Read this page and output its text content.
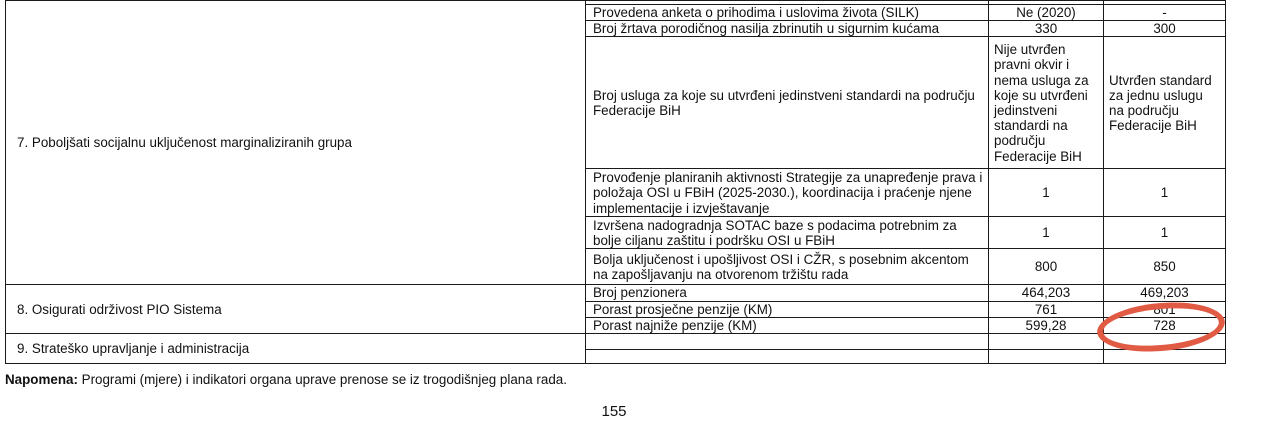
7. Poboljšati socijalnu uključenost marginaliziranih grupa			

	Provedena anketa o prihodima i uslovima života (SILK)	Ne (2020)	-
	Broj žrtava porodičnog nasilja zbrinutih u sigurnim kućama	330	300
	Broj usluga za koje su utvrđeni jedinstveni standardi na području Federacije BiH	Nije utvrđen pravni okvir i nema usluga za koje su utvrđeni jedinstveni standardi na području Federacije BiH	Utvrđen standard za jednu uslugu na području Federacije BiH
	Provođenje planiranih aktivnosti Strategije za unapređenje prava i položaja OSI u FBiH (2025-2030.), koordinacija i praćenje njene implementacije i izvještavanje	1	1
	Izvršena nadogradnja SOTAC baze s podacima potrebnim za bolje ciljanu zaštitu i podršku OSI u FBiH	1	1
	Bolja uključenost i upošljivost OSI i CŽR, s posebnim akcentom na zapošljavanju na otvorenom tržištu rada	800	850

8. Osigurati održivost PIO Sistema	Broj penzionera	464,203	469,203
	Porast prosječne penzije (KM)	761	801
	Porast najniže penzije (KM)	599,28	728

9. Strateško upravljanje i administracija			

Napomena: Programi (mjere) i indikatori organa uprave prenose se iz trogodišnjeg plana rada.
155
